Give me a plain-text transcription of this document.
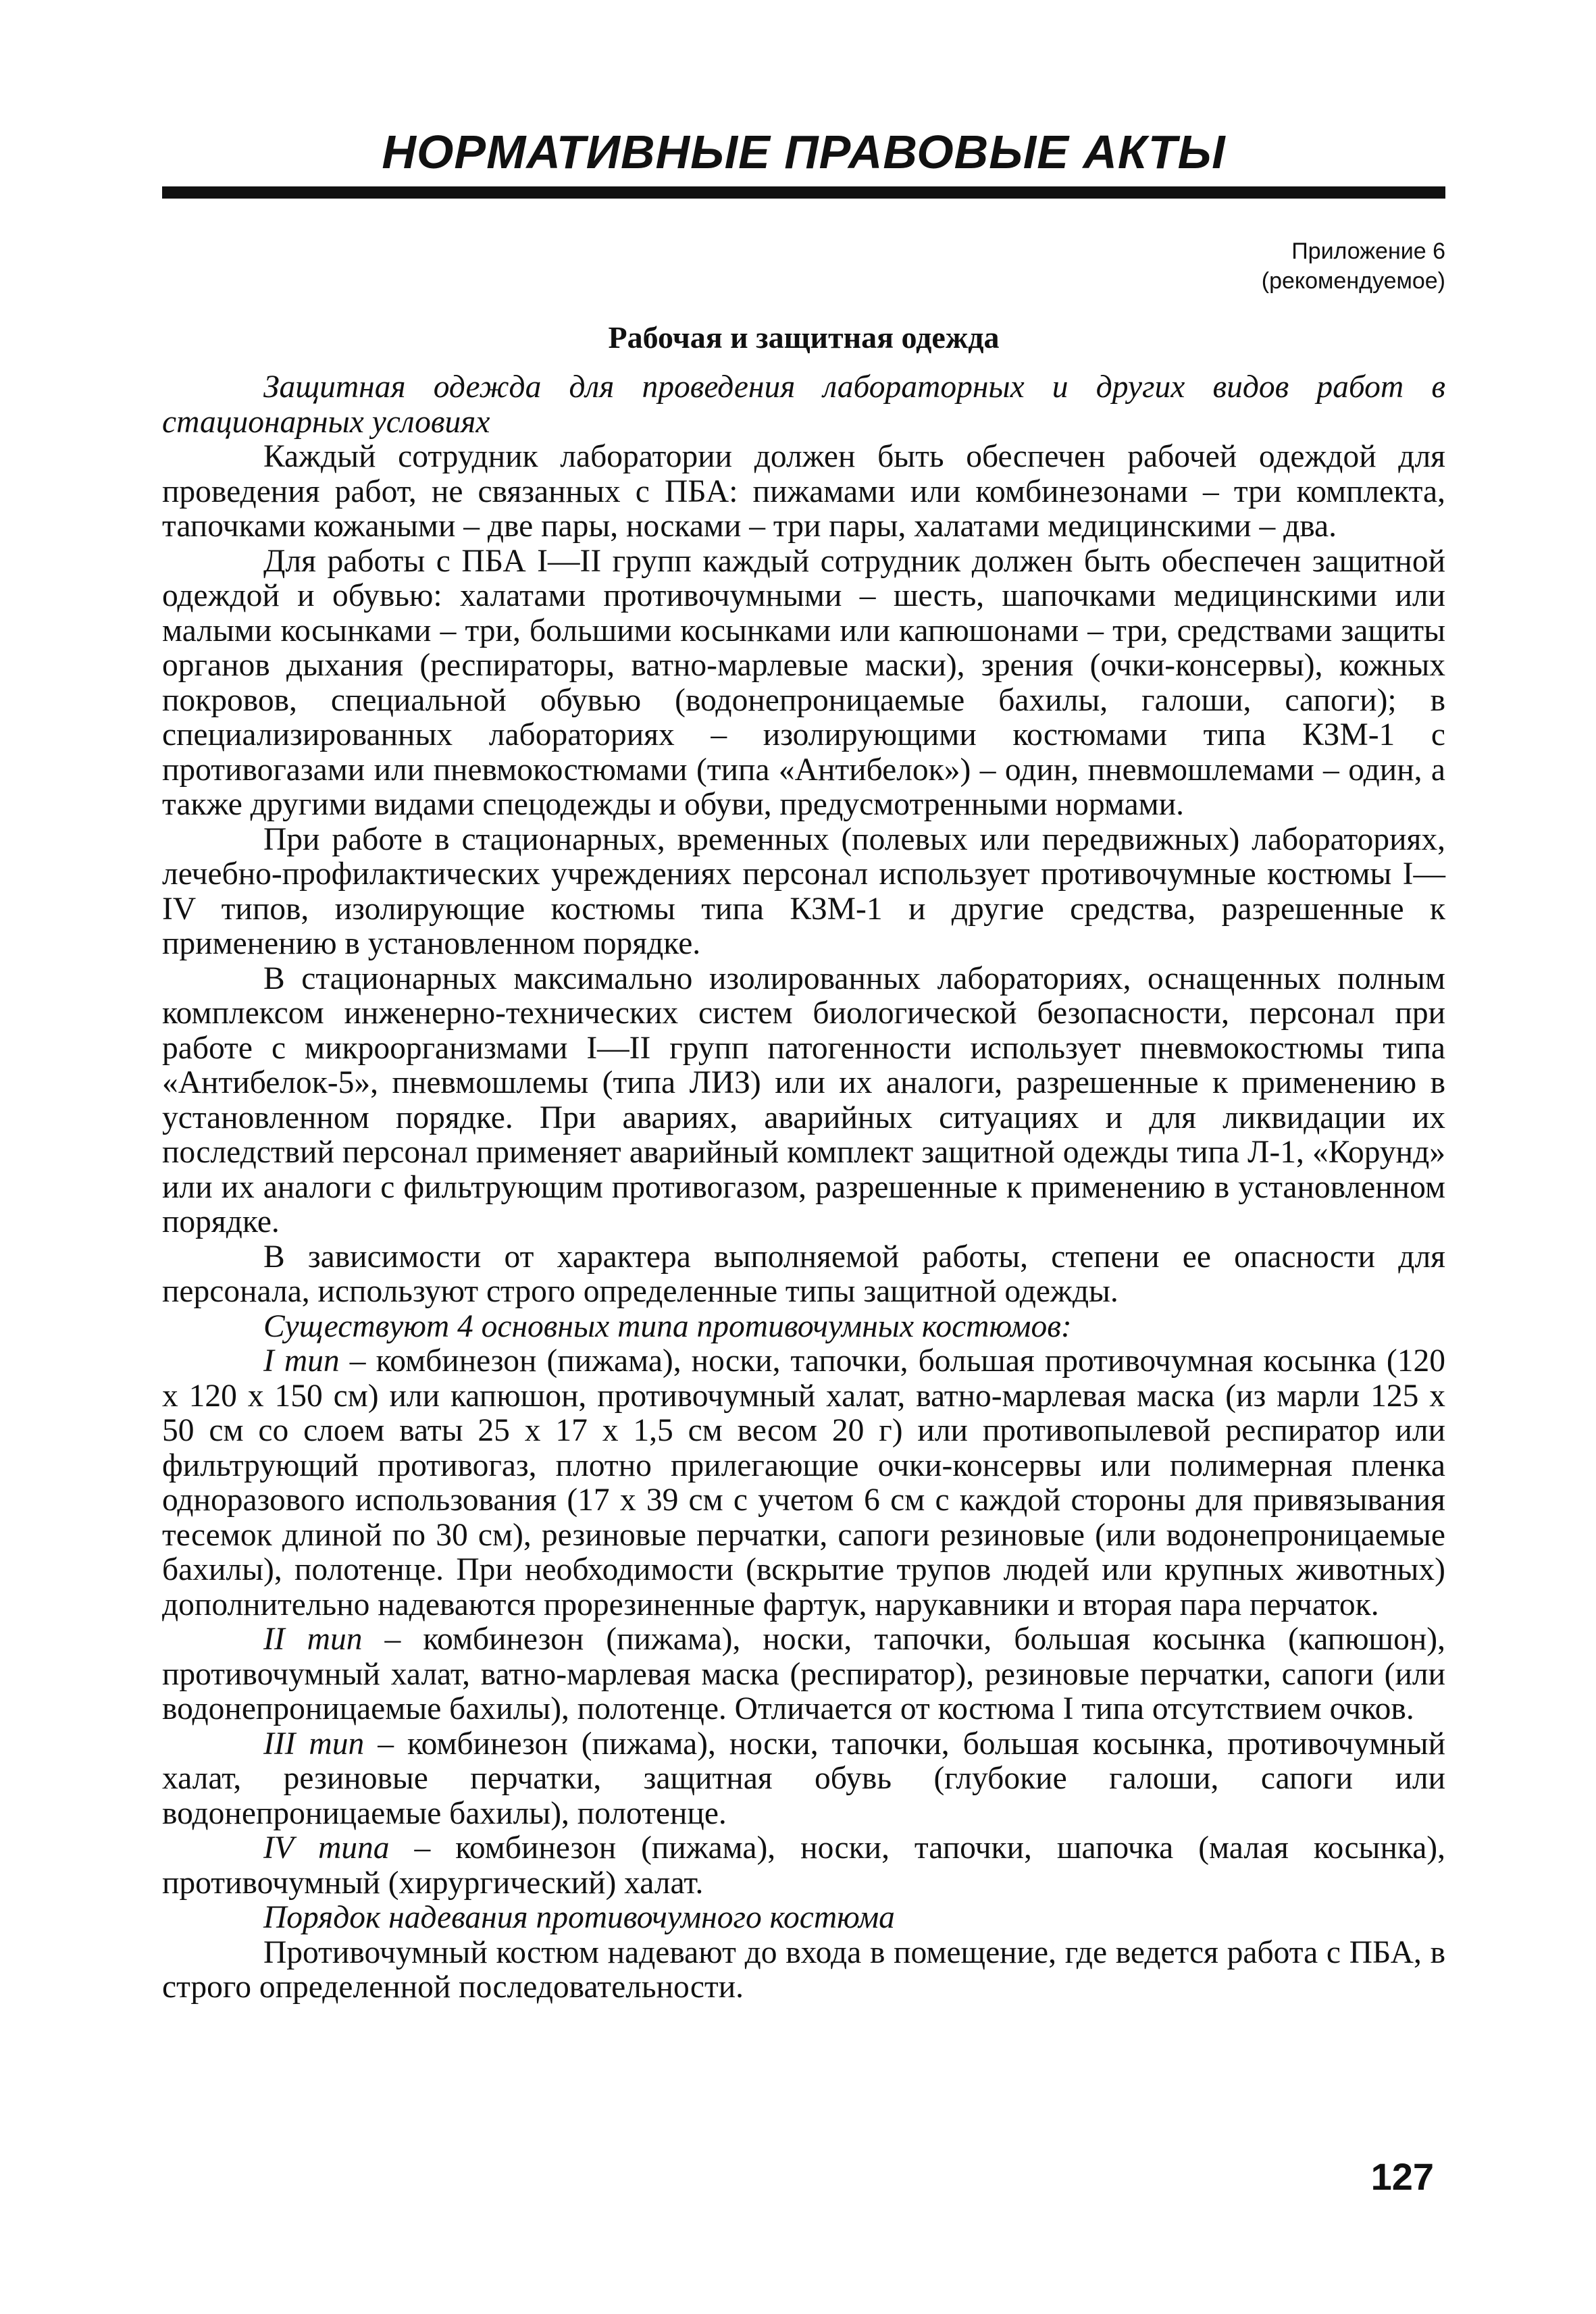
НОРМАТИВНЫЕ ПРАВОВЫЕ АКТЫ
Приложение 6
(рекомендуемое)
Рабочая и защитная одежда

Защитная одежда для проведения лабораторных и других видов работ в стационарных условиях

Каждый сотрудник лаборатории должен быть обеспечен рабочей одеждой для проведения работ, не связанных с ПБА: пижамами или комбинезонами – три комплекта, тапочками кожаными – две пары, носками – три пары, халатами медицинскими – два.

Для работы с ПБА I—II групп каждый сотрудник должен быть обеспечен защитной одеждой и обувью: халатами противочумными – шесть, шапочками медицинскими или малыми косынками – три, большими косынками или капюшонами – три, средствами защиты органов дыхания (респираторы, ватно-марлевые маски), зрения (очки-консервы), кожных покровов, специальной обувью (водонепроницаемые бахилы, галоши, сапоги); в специализированных лабораториях – изолирующими костюмами типа КЗМ-1 с противогазами или пневмокостюмами (типа «Антибелок») – один, пневмошлемами – один, а также другими видами спецодежды и обуви, предусмотренными нормами.

При работе в стационарных, временных (полевых или передвижных) лабораториях, лечебно-профилактических учреждениях персонал использует противочумные костюмы I—IV типов, изолирующие костюмы типа КЗМ-1 и другие средства, разрешенные к применению в установленном порядке.

В стационарных максимально изолированных лабораториях, оснащенных полным комплексом инженерно-технических систем биологической безопасности, персонал при работе с микроорганизмами I—II групп патогенности использует пневмокостюмы типа «Антибелок-5», пневмошлемы (типа ЛИЗ) или их аналоги, разрешенные к применению в установленном порядке. При авариях, аварийных ситуациях и для ликвидации их последствий персонал применяет аварийный комплект защитной одежды типа Л-1, «Корунд» или их аналоги с фильтрующим противогазом, разрешенные к применению в установленном порядке.

В зависимости от характера выполняемой работы, степени ее опасности для персонала, используют строго определенные типы защитной одежды.

Существуют 4 основных типа противочумных костюмов:

I тип – комбинезон (пижама), носки, тапочки, большая противочумная косынка (120 х 120 х 150 см) или капюшон, противочумный халат, ватно-марлевая маска (из марли 125 х 50 см со слоем ваты 25 х 17 х 1,5 см весом 20 г) или противопылевой респиратор или фильтрующий противогаз, плотно прилегающие очки-консервы или полимерная пленка одноразового использования (17 х 39 см с учетом 6 см с каждой стороны для привязывания тесемок длиной по 30 см), резиновые перчатки, сапоги резиновые (или водонепроницаемые бахилы), полотенце. При необходимости (вскрытие трупов людей или крупных животных) дополнительно надеваются прорезиненные фартук, нарукавники и вторая пара перчаток.

II тип – комбинезон (пижама), носки, тапочки, большая косынка (капюшон), противочумный халат, ватно-марлевая маска (респиратор), резиновые перчатки, сапоги (или водонепроницаемые бахилы), полотенце. Отличается от костюма I типа отсутствием очков.

III тип – комбинезон (пижама), носки, тапочки, большая косынка, противочумный халат, резиновые перчатки, защитная обувь (глубокие галоши, сапоги или водонепроницаемые бахилы), полотенце.

IV типа – комбинезон (пижама), носки, тапочки, шапочка (малая косынка), противочумный (хирургический) халат.

Порядок надевания противочумного костюма

Противочумный костюм надевают до входа в помещение, где ведется работа с ПБА, в строго определенной последовательности.

127
